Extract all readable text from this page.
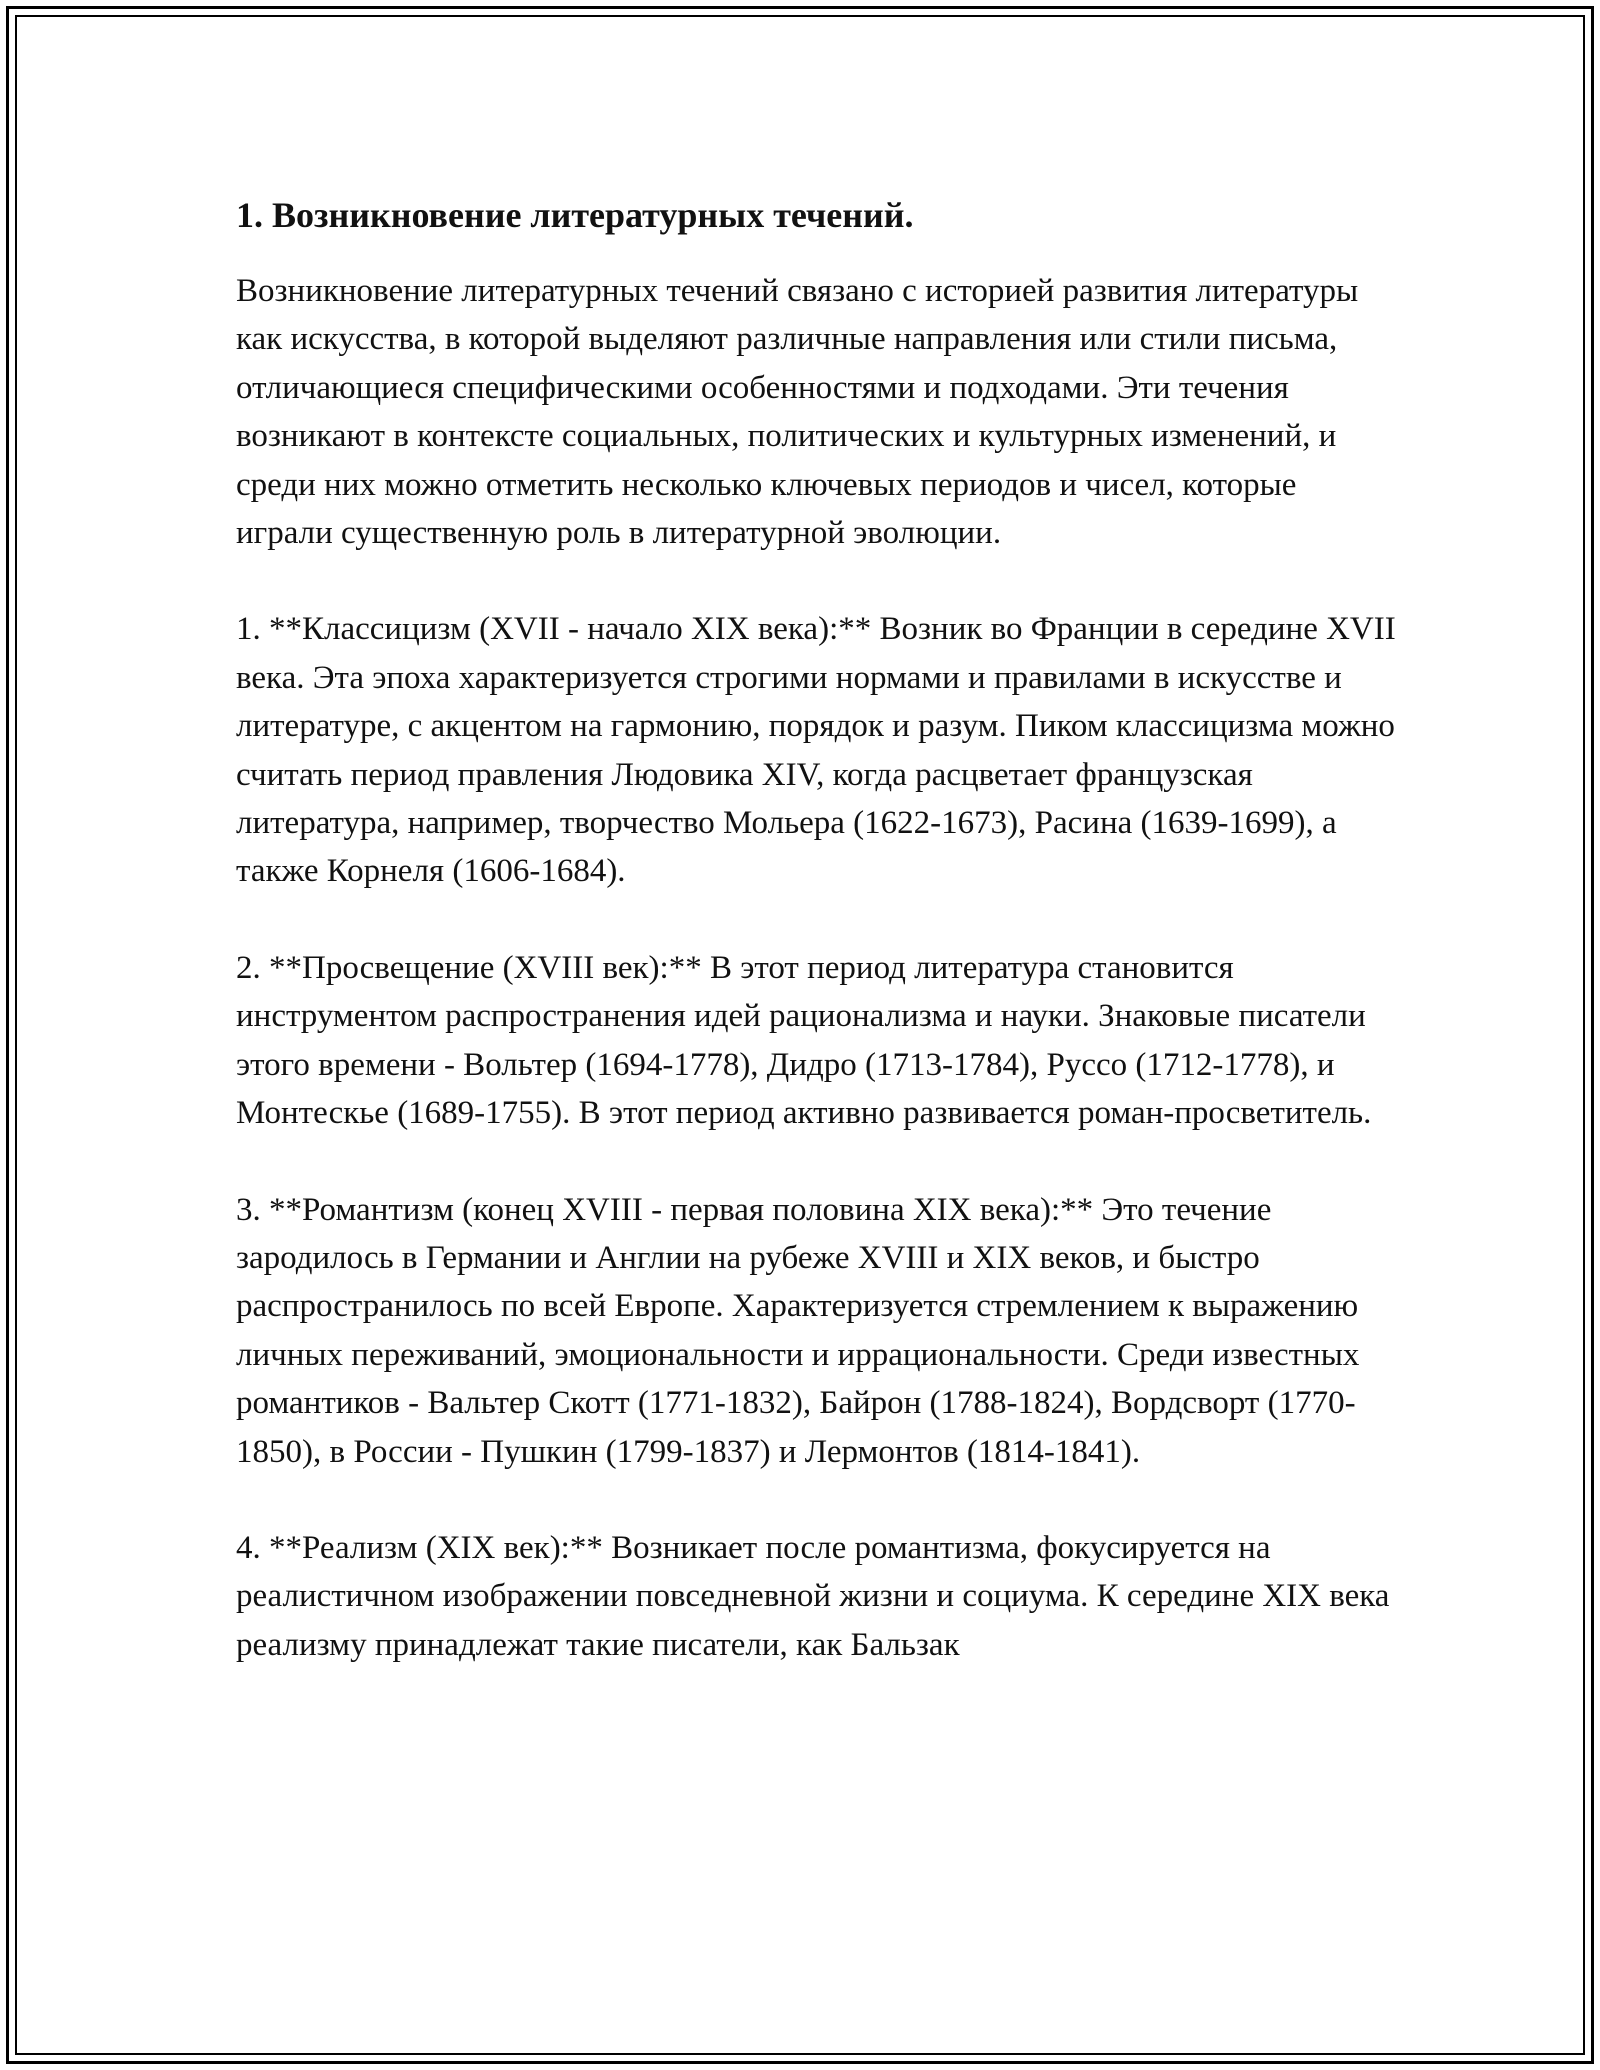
1. Возникновение литературных течений.

Возникновение литературных течений связано с историей развития литературы как искусства, в которой выделяют различные направления или стили письма, отличающиеся специфическими особенностями и подходами. Эти течения возникают в контексте социальных, политических и культурных изменений, и среди них можно отметить несколько ключевых периодов и чисел, которые играли существенную роль в литературной эволюции.

1. **Классицизм (XVII - начало XIX века):** Возник во Франции в середине XVII века. Эта эпоха характеризуется строгими нормами и правилами в искусстве и литературе, с акцентом на гармонию, порядок и разум. Пиком классицизма можно считать период правления Людовика XIV, когда расцветает французская литература, например, творчество Мольера (1622-1673), Расина (1639-1699), а также Корнеля (1606-1684).

2. **Просвещение (XVIII век):** В этот период литература становится инструментом распространения идей рационализма и науки. Знаковые писатели этого времени - Вольтер (1694-1778), Дидро (1713-1784), Руссо (1712-1778), и Монтескье (1689-1755). В этот период активно развивается роман-просветитель.

3. **Романтизм (конец XVIII - первая половина XIX века):** Это течение зародилось в Германии и Англии на рубеже XVIII и XIX веков, и быстро распространилось по всей Европе. Характеризуется стремлением к выражению личных переживаний, эмоциональности и иррациональности. Среди известных романтиков - Вальтер Скотт (1771-1832), Байрон (1788-1824), Вордсворт (1770-1850), в России - Пушкин (1799-1837) и Лермонтов (1814-1841).

4. **Реализм (XIX век):** Возникает после романтизма, фокусируется на реалистичном изображении повседневной жизни и социума. К середине XIX века реализму принадлежат такие писатели, как Бальзак
